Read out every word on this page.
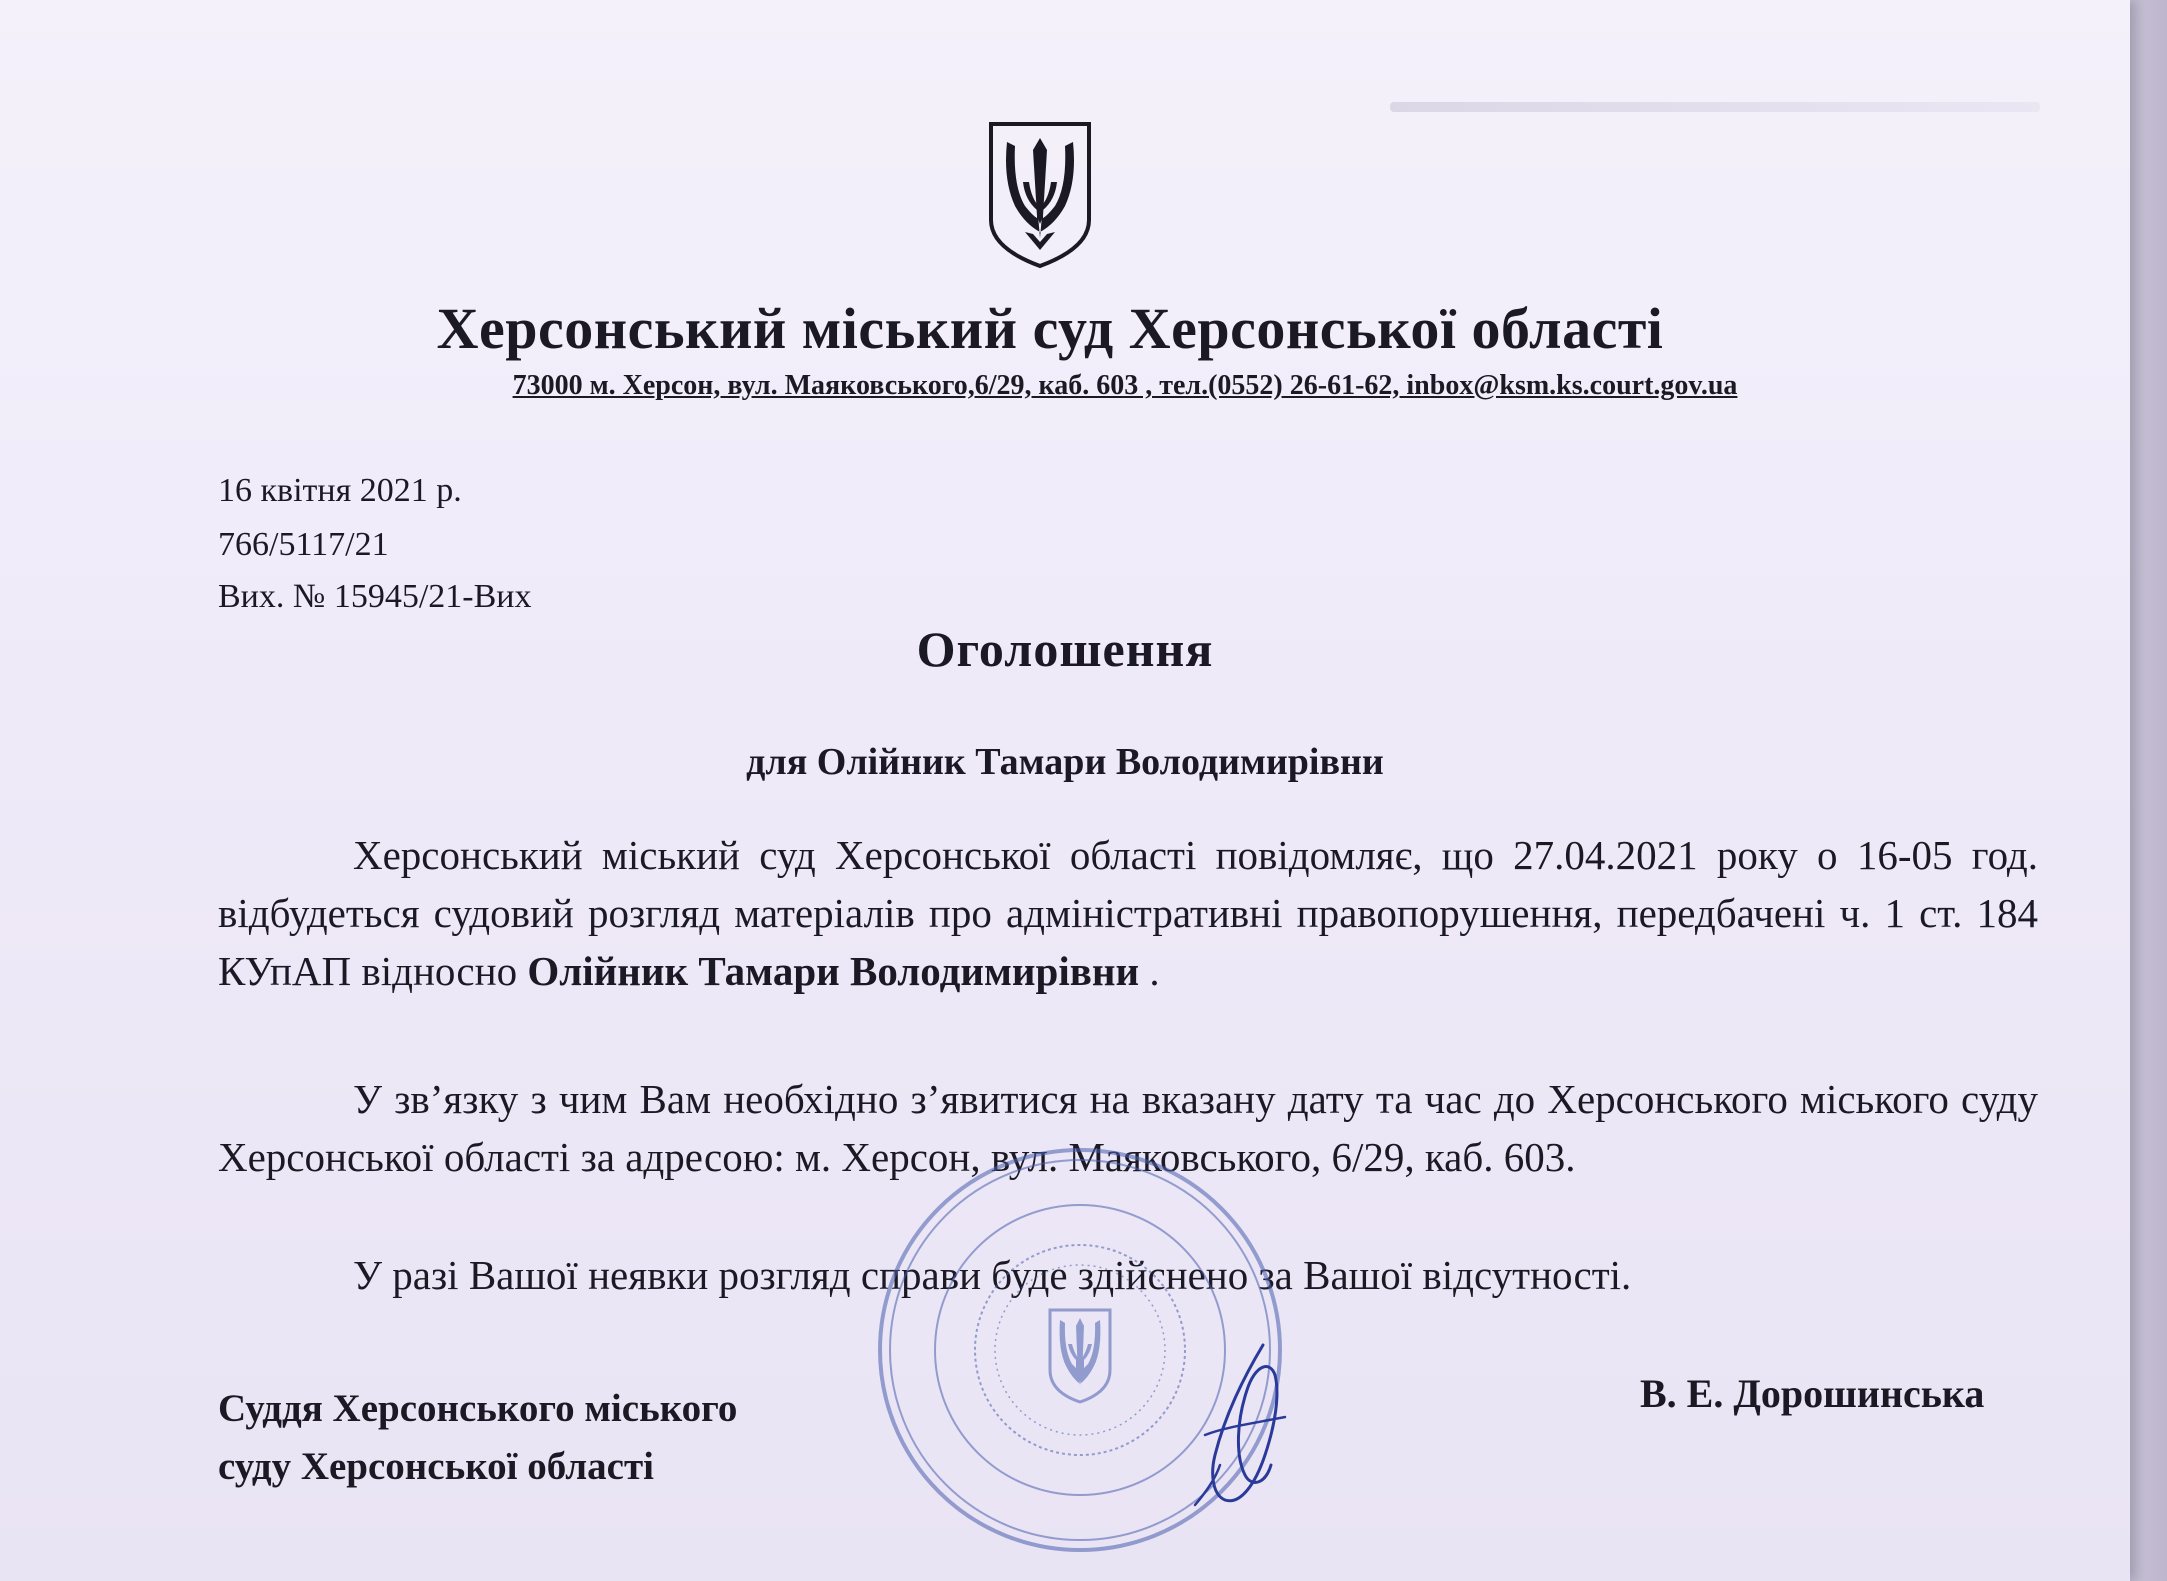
Херсонський міський суд Херсонської області
73000 м. Херсон, вул. Маяковського,6/29, каб. 603 , тел.(0552) 26-61-62, inbox@ksm.ks.court.gov.ua
16 квітня 2021 р.
766/5117/21
Вих. № 15945/21-Вих
Оголошення
для Олійник Тамари Володимирівни
Херсонський міський суд Херсонської області повідомляє, що 27.04.2021 року о 16-05 год. відбудеться судовий розгляд матеріалів про адміністративні правопорушення, передбачені ч. 1 ст. 184 КУпАП відносно Олійник Тамари Володимирівни .
У зв’язку з чим Вам необхідно з’явитися на вказану дату та час до Херсонського міського суду Херсонської області за адресою: м. Херсон, вул. Маяковського, 6/29, каб. 603.
У разі Вашої неявки розгляд справи буде здійснено за Вашої відсутності.
Суддя Херсонського міського
суду Херсонської області
В. Е. Дорошинська
